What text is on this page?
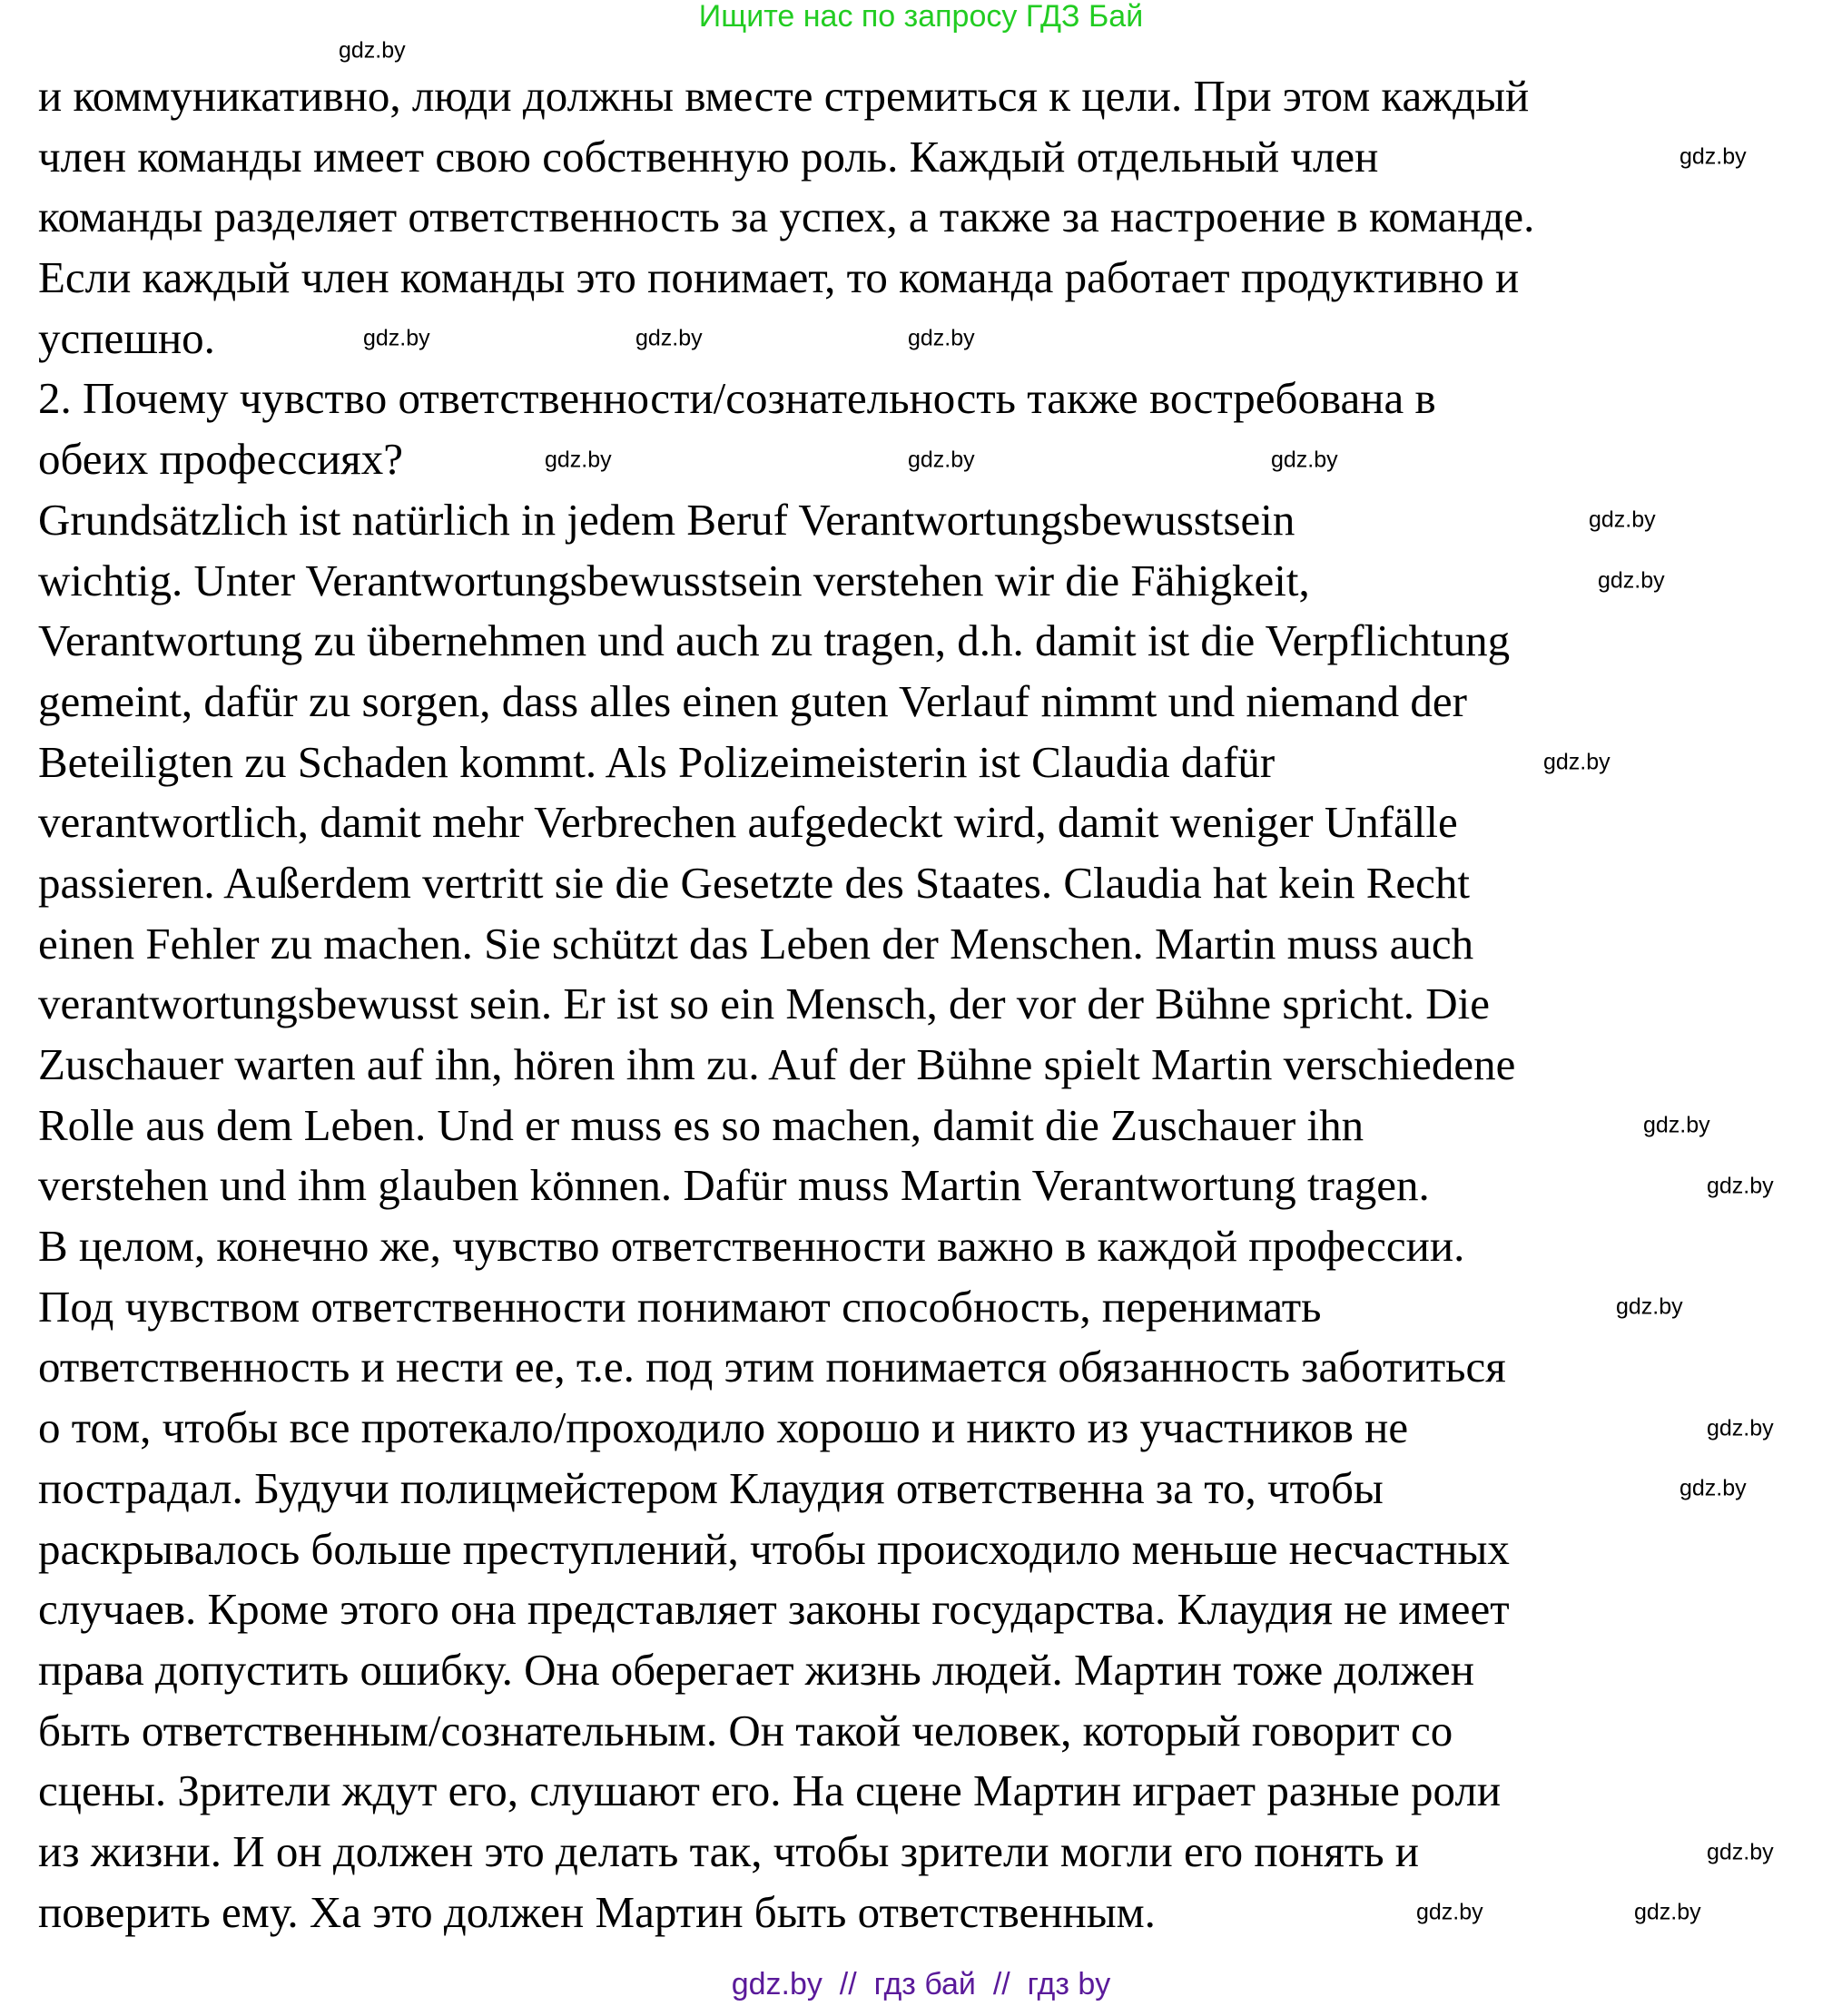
Ищите нас по запросу ГДЗ Бай
и коммуникативно, люди должны вместе стремиться к цели. При этом каждый
член команды имеет свою собственную роль. Каждый отдельный член
команды разделяет ответственность за успех, а также за настроение в команде.
Если каждый член команды это понимает, то команда работает продуктивно и
успешно.
2. Почему чувство ответственности/сознательность также востребована в
обеих профессиях?
Grundsätzlich ist natürlich in jedem Beruf Verantwortungsbewusstsein
wichtig. Unter Verantwortungsbewusstsein verstehen wir die Fähigkeit,
Verantwortung zu übernehmen und auch zu tragen, d.h. damit ist die Verpflichtung
gemeint, dafür zu sorgen, dass alles einen guten Verlauf nimmt und niemand der
Beteiligten zu Schaden kommt. Als Polizeimeisterin ist Claudia dafür
verantwortlich, damit mehr Verbrechen aufgedeckt wird, damit weniger Unfälle
passieren. Außerdem vertritt sie die Gesetzte des Staates. Claudia hat kein Recht
einen Fehler zu machen. Sie schützt das Leben der Menschen. Martin muss auch
verantwortungsbewusst sein. Er ist so ein Mensch, der vor der Bühne spricht. Die
Zuschauer warten auf ihn, hören ihm zu. Auf der Bühne spielt Martin verschiedene
Rolle aus dem Leben. Und er muss es so machen, damit die Zuschauer ihn
verstehen und ihm glauben können. Dafür muss Martin Verantwortung tragen.
В целом, конечно же, чувство ответственности важно в каждой профессии.
Под чувством ответственности понимают способность, перенимать
ответственность и нести ее, т.е. под этим понимается обязанность заботиться
о том, чтобы все протекало/проходило хорошо и никто из участников не
пострадал. Будучи полицмейстером Клаудия ответственна за то, чтобы
раскрывалось больше преступлений, чтобы происходило меньше несчастных
случаев. Кроме этого она представляет законы государства. Клаудия не имеет
права допустить ошибку. Она оберегает жизнь людей. Мартин тоже должен
быть ответственным/сознательным. Он такой человек, который говорит со
сцены. Зрители ждут его, слушают его. На сцене Мартин играет разные роли
из жизни. И он должен это делать так, чтобы зрители могли его понять и
поверить ему. Ха это должен Мартин быть ответственным.
gdz.by
gdz.by
gdz.by	gdz.by	gdz.by
gdz.by	gdz.by	gdz.by
gdz.by
gdz.by
gdz.by
gdz.by
gdz.by
gdz.by
gdz.by
gdz.by
gdz.by
gdz.by	gdz.by
gdz.by  //  гдз бай  //  гдз by
